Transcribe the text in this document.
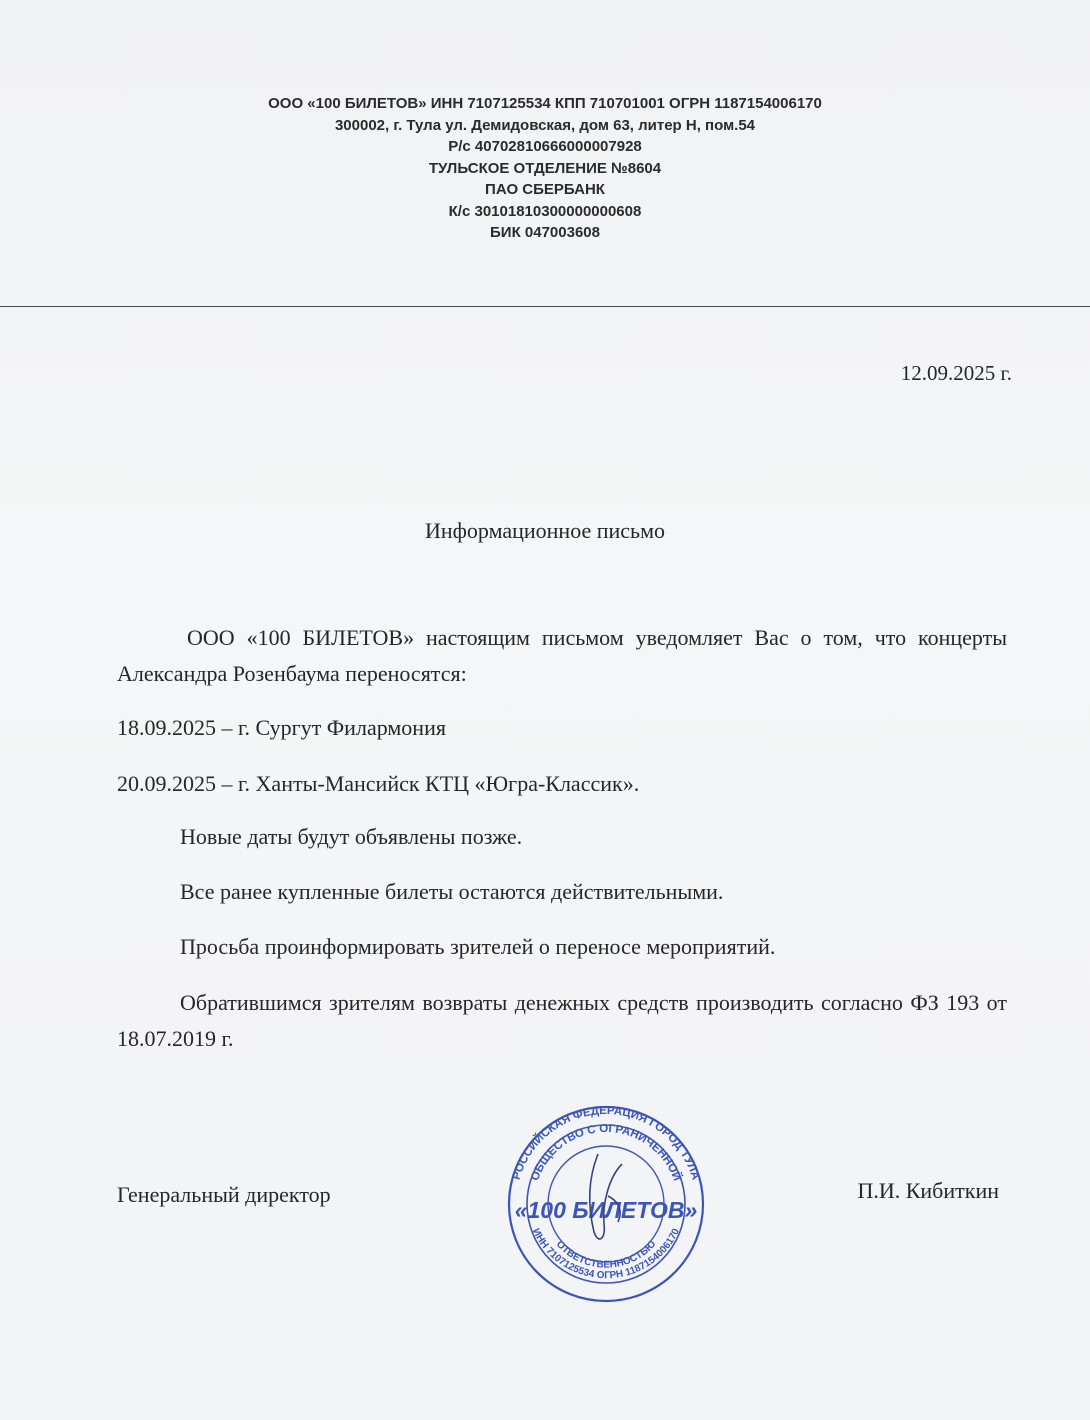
ООО «100 БИЛЕТОВ» ИНН 7107125534 КПП 710701001 ОГРН 1187154006170
300002, г. Тула ул. Демидовская, дом 63, литер Н, пом.54
Р/с 40702810666000007928
ТУЛЬСКОЕ ОТДЕЛЕНИЕ №8604
ПАО СБЕРБАНК
К/с 30101810300000000608
БИК 047003608
12.09.2025 г.
Информационное письмо
ООО «100 БИЛЕТОВ» настоящим письмом уведомляет Вас о том, что концерты Александра Розенбаума переносятся:
18.09.2025 – г. Сургут Филармония
20.09.2025 – г. Ханты-Мансийск КТЦ «Югра-Классик».
Новые даты будут объявлены позже.
Все ранее купленные билеты остаются действительными.
Просьба проинформировать зрителей о переносе мероприятий.
Обратившимся зрителям возвраты денежных средств производить согласно ФЗ 193 от 18.07.2019 г.
Генеральный директор	П.И. Кибиткин
РОССИЙСКАЯ ФЕДЕРАЦИЯ ГОРОД ТУЛА
ОБЩЕСТВО С ОГРАНИЧЕННОЙ
ОТВЕТСТВЕННОСТЬЮ
ИНН 7107125534 ОГРН 1187154006170
«100 БИЛЕТОВ»
